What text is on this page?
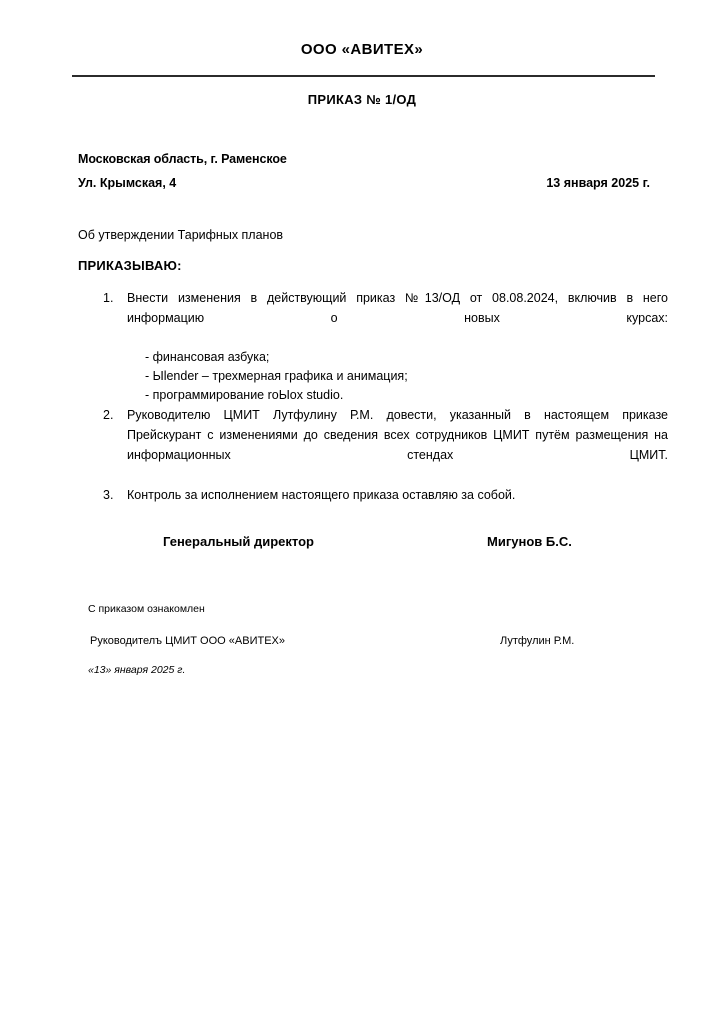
ООО «АВИТЕХ»
ПРИКАЗ № 1/ОД
Московская область, г. Раменское
Ул. Крымская, 4	13 января 2025 г.
Об утверждении Тарифных планов
ПРИКАЗЫВАЮ:
1.	Внести изменения в действующий приказ №13/ОД от 08.08.2024, включив в него информацию о новых курсах:
- финансовая азбука;
- Ыlender – трехмерная графика и анимация;
- программирование roЫox studio.
2.	Руководителю ЦМИТ Лутфулину Р.М. довести, указанный в настоящем приказе Прейскурант с изменениями до сведения всех сотрудников ЦМИТ путём размещения на информационных стендах ЦМИТ.
3.	Контроль за исполнением настоящего приказа оставляю за собой.
Генеральный директор	Мигунов Б.С.
С приказом ознакомлен
Руководителъ ЦМИТ ООО «АВИТЕХ»	Лутфулин Р.М.
«13» января 2025 г.
